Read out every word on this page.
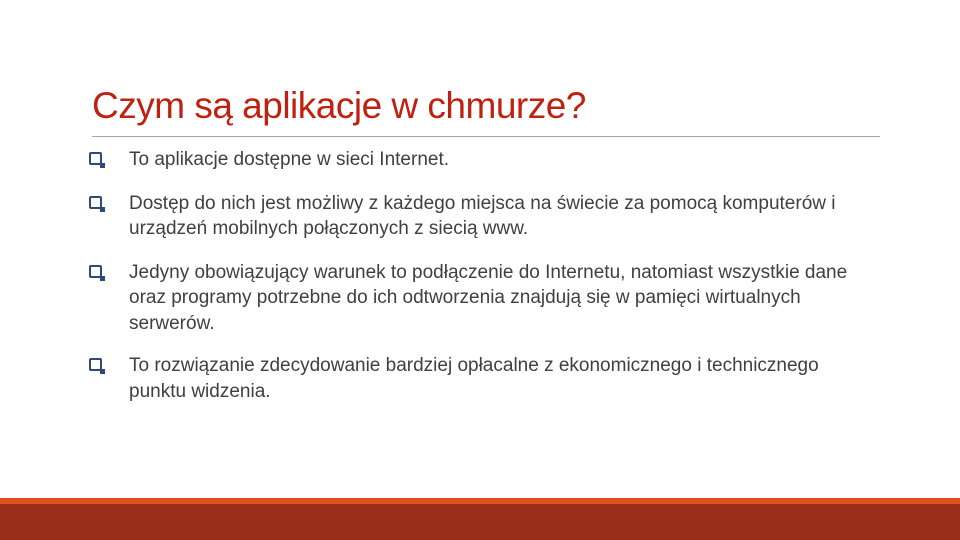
Czym są aplikacje w chmurze?
To aplikacje dostępne w sieci Internet.
Dostęp do nich jest możliwy z każdego miejsca na świecie za pomocą komputerów i urządzeń mobilnych połączonych z siecią www.
Jedyny obowiązujący warunek to podłączenie do Internetu, natomiast wszystkie dane oraz programy potrzebne do ich odtworzenia znajdują się w pamięci wirtualnych serwerów.
To rozwiązanie zdecydowanie bardziej opłacalne z ekonomicznego i technicznego punktu widzenia.
